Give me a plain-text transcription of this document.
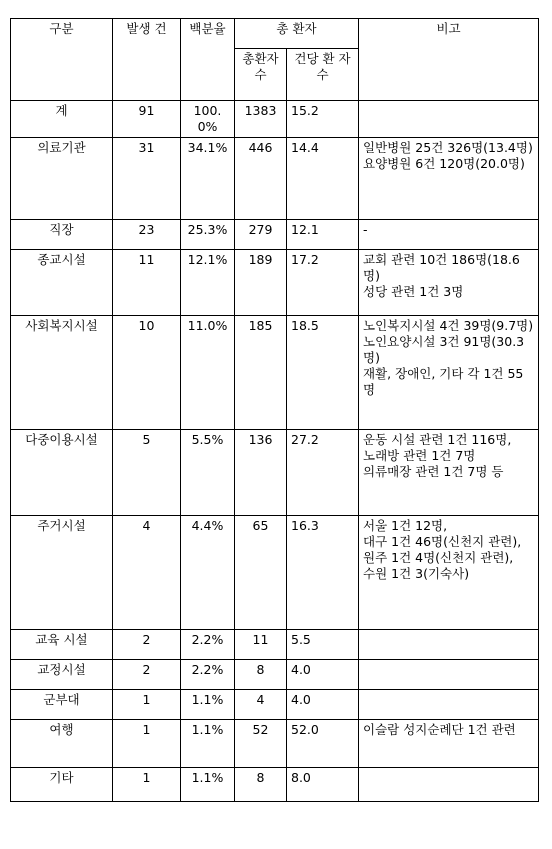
구분	발생 건	백분율	총 환자		비고
			총환자 수	건당 환 자 수	
계	91	100.0%	1383	15.2	
의료기관	31	34.1%	446	14.4	일반병원 25건 326명(13.4명)
요양병원 6건 120명(20.0명)

직장	23	25.3%	279	12.1	-

종교시설	11	12.1%	189	17.2	교회 관련 10건 186명(18.6명)
성당 관련 1건 3명

사회복지시설	10	11.0%	185	18.5	노인복지시설 4건 39명(9.7명)
노인요양시설 3건 91명(30.3명)
재활, 장애인, 기타 각 1건 55명

다중이용시설	5	5.5%	136	27.2	운동 시설 관련 1건 116명,
노래방 관련 1건 7명
의류매장 관련 1건 7명 등

주거시설	4	4.4%	65	16.3	서울 1건 12명,
대구 1건 46명(신천지 관련),
원주 1건 4명(신천지 관련),
수원 1건 3(기숙사)

교육 시설	2	2.2%	11	5.5	
교정시설	2	2.2%	8	4.0	
군부대	1	1.1%	4	4.0	
여행	1	1.1%	52	52.0	이슬람 성지순례단 1건 관련

기타	1	1.1%	8	8.0	
